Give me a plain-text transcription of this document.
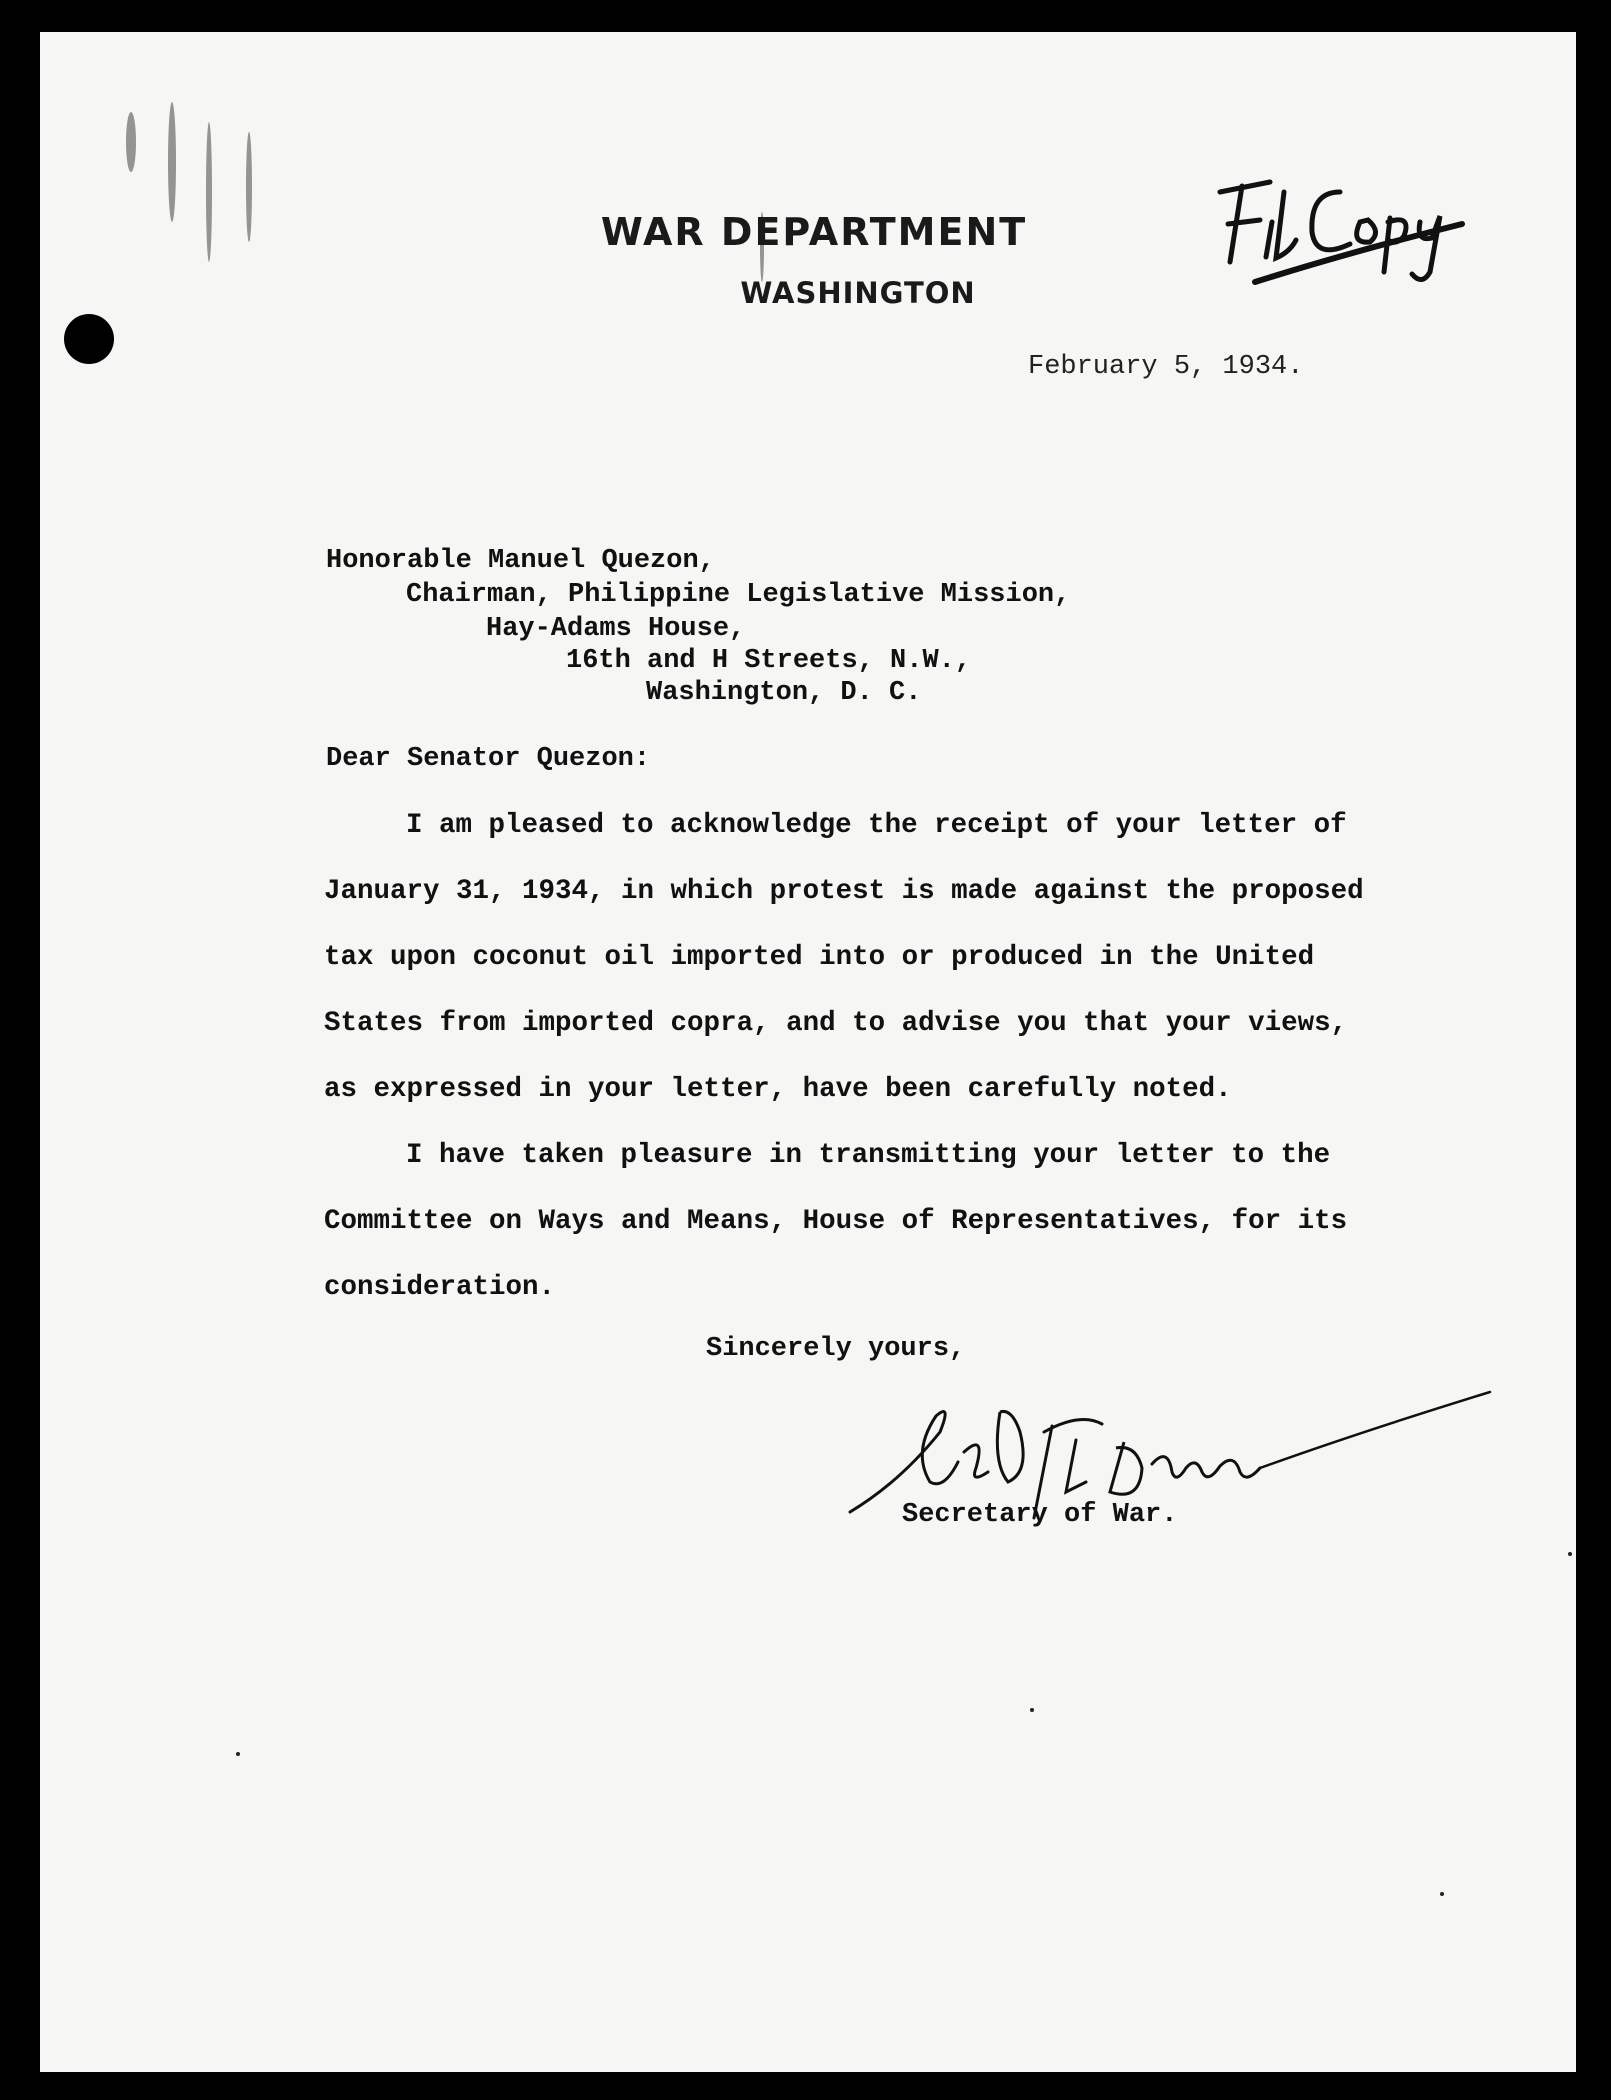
WAR DEPARTMENT
WASHINGTON
February 5, 1934.
Honorable Manuel Quezon,
Chairman, Philippine Legislative Mission,
Hay-Adams House,
16th and H Streets, N.W.,
Washington, D. C.
Dear Senator Quezon:
I am pleased to acknowledge the receipt of your letter of
January 31, 1934, in which protest is made against the proposed
tax upon coconut oil imported into or produced in the United
States from imported copra, and to advise you that your views,
as expressed in your letter, have been carefully noted.
I have taken pleasure in transmitting your letter to the
Committee on Ways and Means, House of Representatives, for its
consideration.
Sincerely yours,
Secretary of War.
